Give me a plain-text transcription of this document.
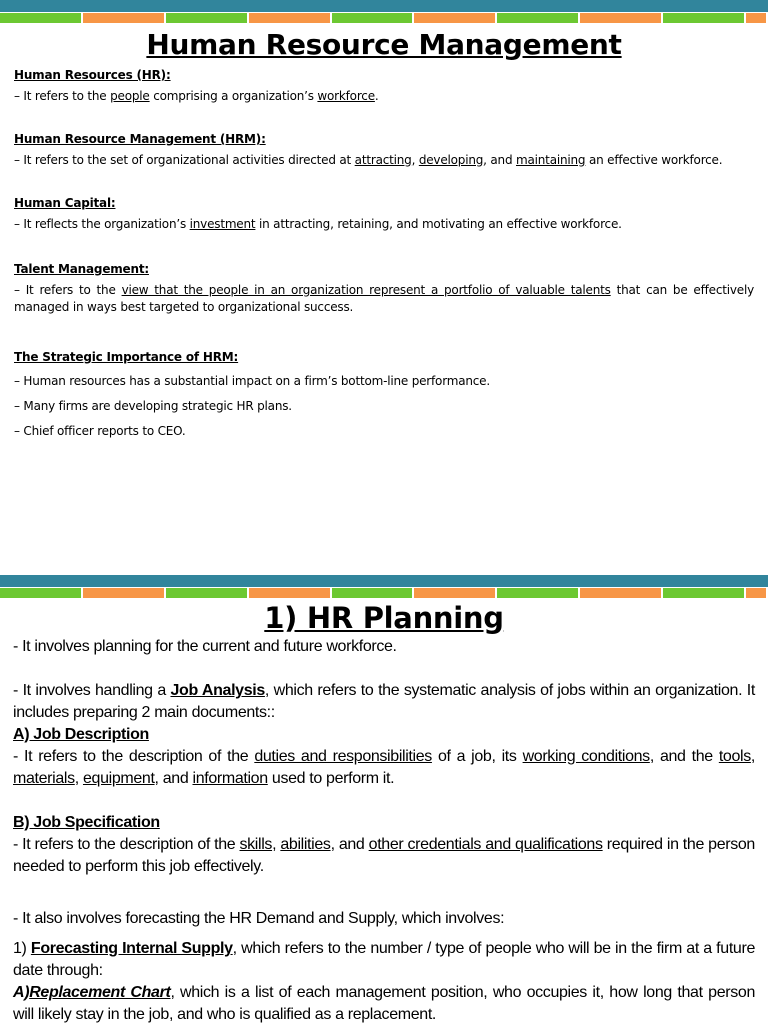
Human Resource Management

Human Resources (HR):

– It refers to the people comprising a organization’s workforce.

Human Resource Management (HRM):

– It refers to the set of organizational activities directed at attracting, developing, and maintaining an effective workforce.

Human Capital:

– It reflects the organization’s investment in attracting, retaining, and motivating an effective workforce.

Talent Management:

– It refers to the view that the people in an organization represent a portfolio of valuable talents that can be effectively managed in ways best targeted to organizational success.

The Strategic Importance of HRM:

– Human resources has a substantial impact on a firm’s bottom-line performance.

– Many firms are developing strategic HR plans.

– Chief officer reports to CEO.

1) HR Planning

- It involves planning for the current and future workforce.

- It involves handling a Job Analysis, which refers to the systematic analysis of jobs within an organization. It includes preparing 2 main documents::

A) Job Description

- It refers to the description of the duties and responsibilities of a job, its working conditions, and the tools, materials, equipment, and information used to perform it.

B) Job Specification

- It refers to the description of the skills, abilities, and other credentials and qualifications required in the person needed to perform this job effectively.

- It also involves forecasting the HR Demand and Supply, which involves:

1) Forecasting Internal Supply, which refers to the number / type of people who will be in the firm at a future date through:

A)Replacement Chart, which is a list of each management position, who occupies it, how long that person will likely stay in the job, and who is qualified as a replacement.
